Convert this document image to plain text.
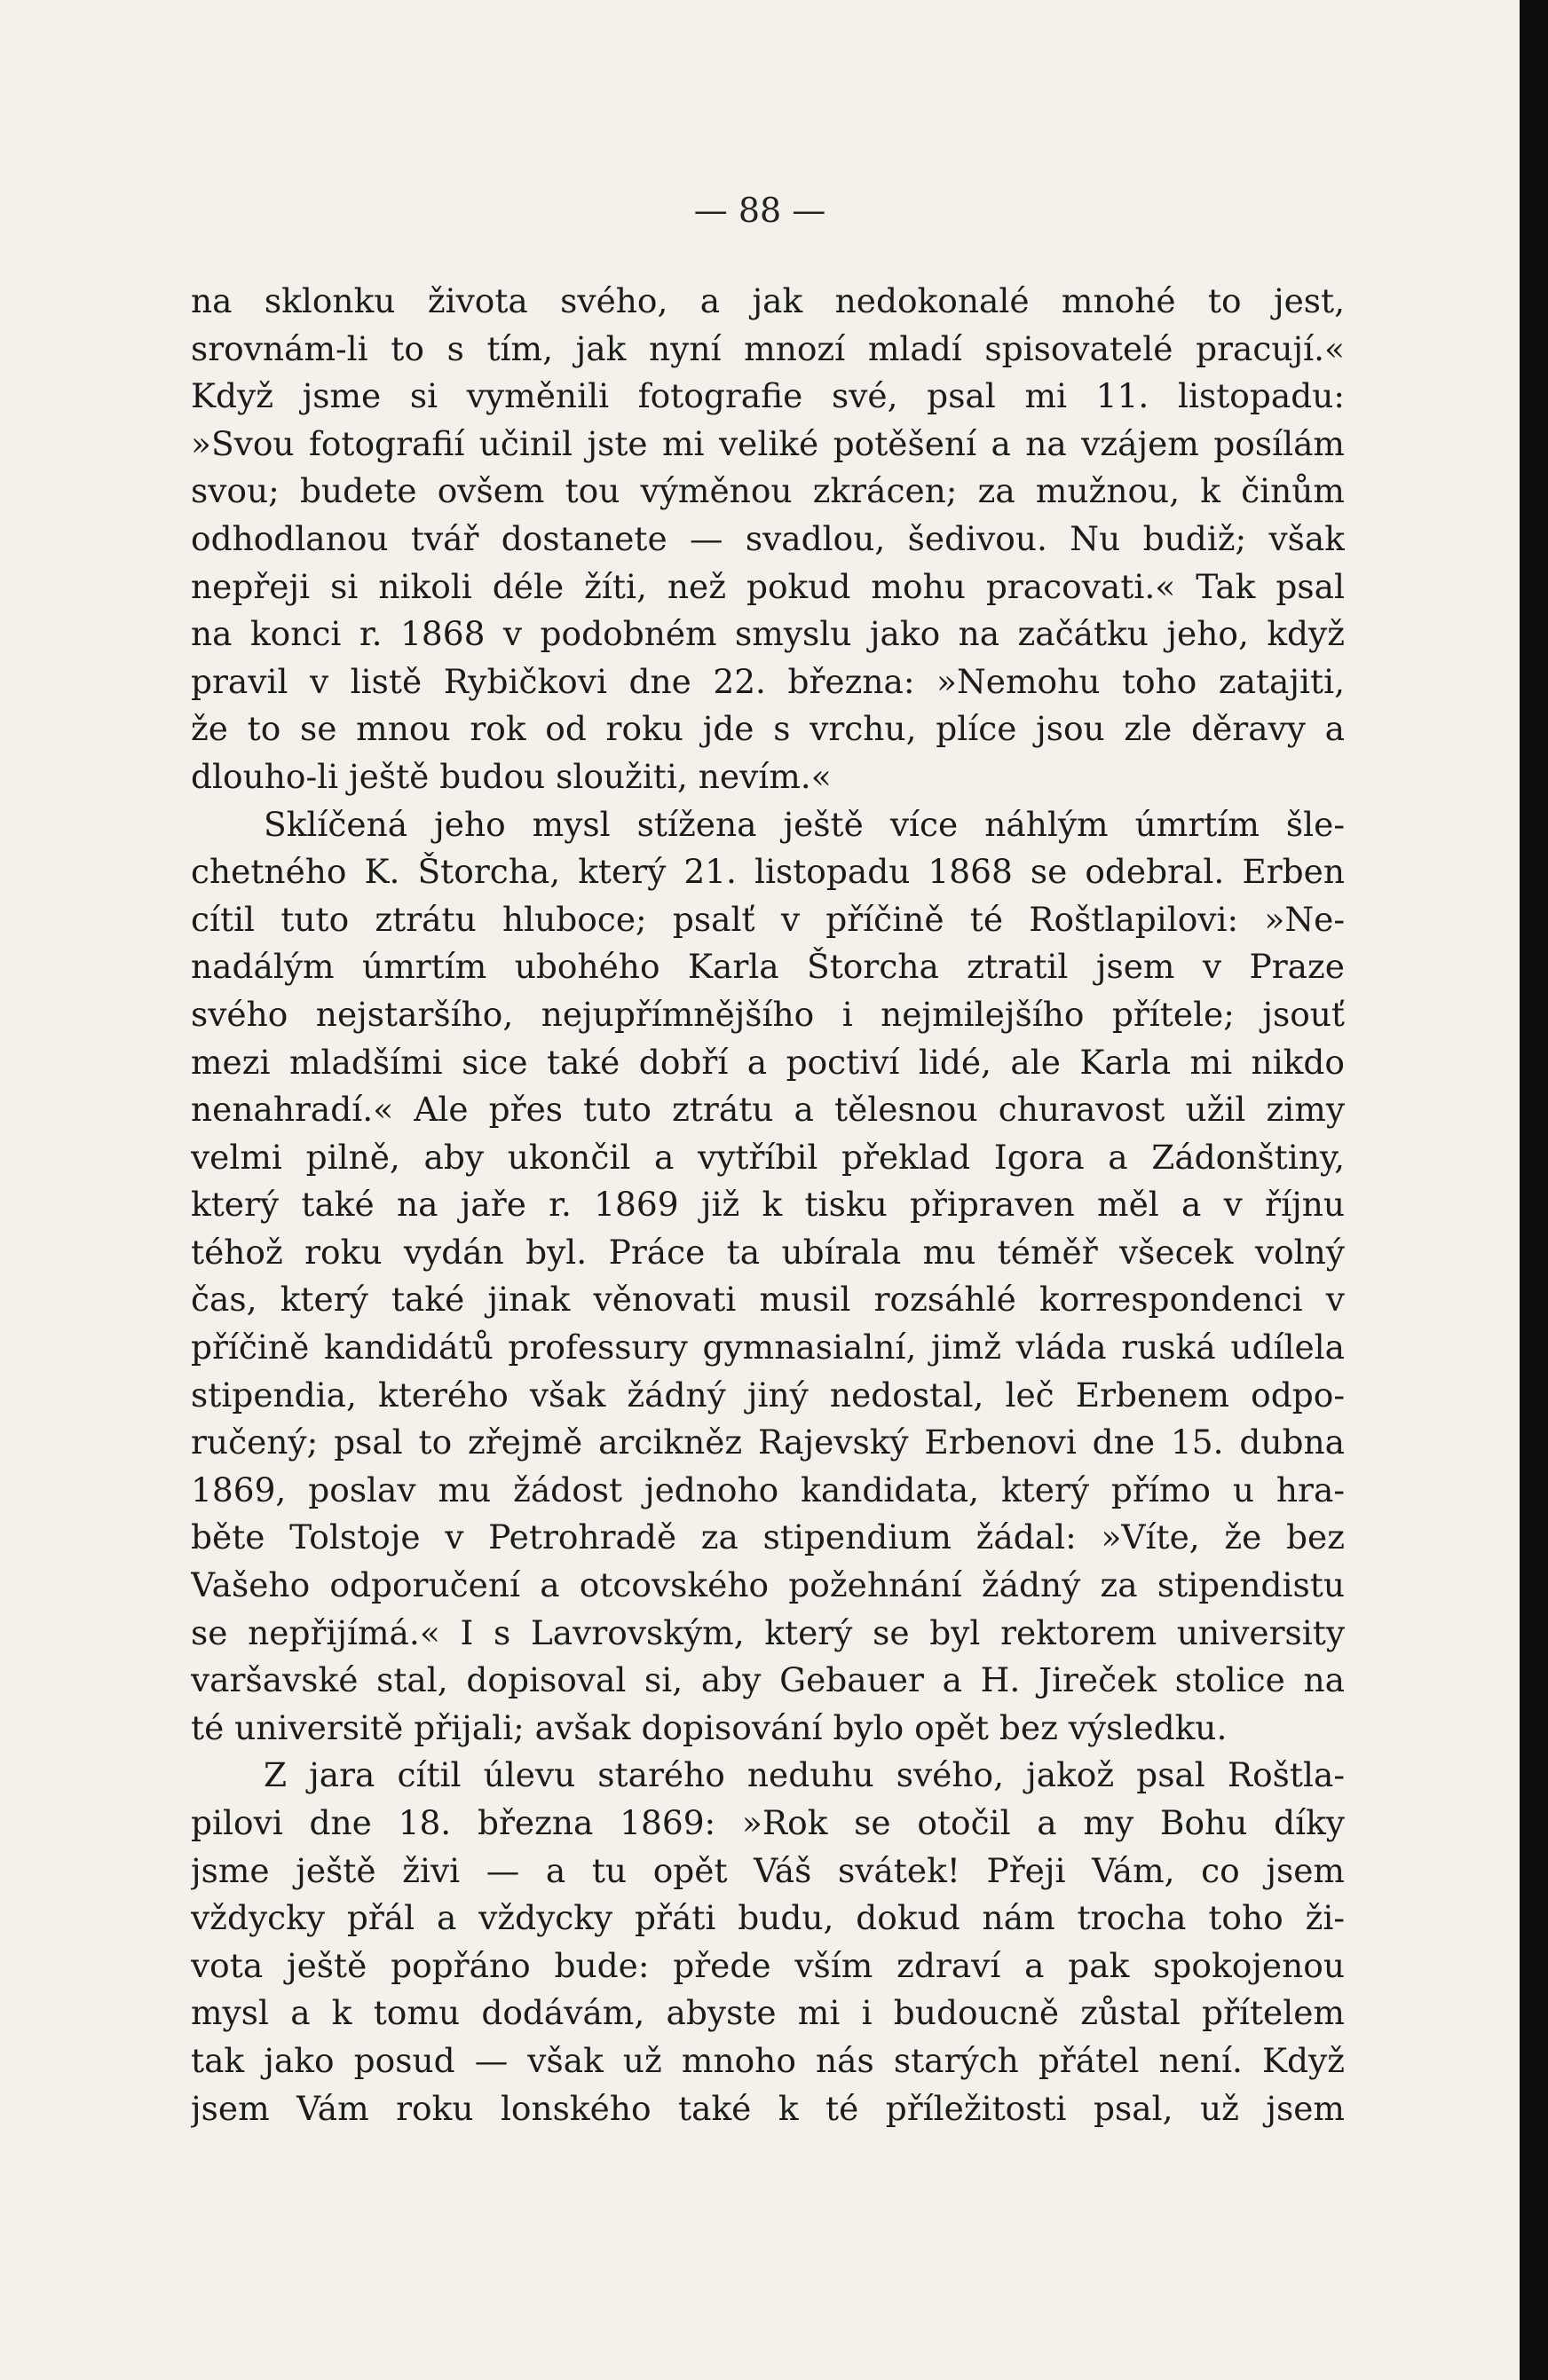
— 88 —
na sklonku života svého, a jak nedokonalé mnohé to jest,
srovnám-li to s tím, jak nyní mnozí mladí spisovatelé pracují.«
Když jsme si vyměnili fotografie své, psal mi 11. listopadu:
»Svou fotografií učinil jste mi veliké potěšení a na vzájem posílám
svou; budete ovšem tou výměnou zkrácen; za mužnou, k činům
odhodlanou tvář dostanete — svadlou, šedivou. Nu budiž; však
nepřeji si nikoli déle žíti, než pokud mohu pracovati.« Tak psal
na konci r. 1868 v podobném smyslu jako na začátku jeho, když
pravil v listě Rybičkovi dne 22. března: »Nemohu toho zatajiti,
že to se mnou rok od roku jde s vrchu, plíce jsou zle děravy a
dlouho-li ještě budou sloužiti, nevím.«
Sklíčená jeho mysl stížena ještě více náhlým úmrtím šle-
chetného K. Štorcha, který 21. listopadu 1868 se odebral. Erben
cítil tuto ztrátu hluboce; psalť v příčině té Roštlapilovi: »Ne-
nadálým úmrtím ubohého Karla Štorcha ztratil jsem v Praze
svého nejstaršího, nejupřímnějšího i nejmilejšího přítele; jsouť
mezi mladšími sice také dobří a poctiví lidé, ale Karla mi nikdo
nenahradí.« Ale přes tuto ztrátu a tělesnou churavost užil zimy
velmi pilně, aby ukončil a vytříbil překlad Igora a Zádonštiny,
který také na jaře r. 1869 již k tisku připraven měl a v říjnu
téhož roku vydán byl. Práce ta ubírala mu téměř všecek volný
čas, který také jinak věnovati musil rozsáhlé korrespondenci v
příčině kandidátů professury gymnasialní, jimž vláda ruská udílela
stipendia, kterého však žádný jiný nedostal, leč Erbenem odpo-
ručený; psal to zřejmě arcikněz Rajevský Erbenovi dne 15. dubna
1869, poslav mu žádost jednoho kandidata, který přímo u hra-
běte Tolstoje v Petrohradě za stipendium žádal: »Víte, že bez
Vašeho odporučení a otcovského požehnání žádný za stipendistu
se nepřijímá.« I s Lavrovským, který se byl rektorem university
varšavské stal, dopisoval si, aby Gebauer a H. Jireček stolice na
té universitě přijali; avšak dopisování bylo opět bez výsledku.
Z jara cítil úlevu starého neduhu svého, jakož psal Roštla-
pilovi dne 18. března 1869: »Rok se otočil a my Bohu díky
jsme ještě živi — a tu opět Váš svátek! Přeji Vám, co jsem
vždycky přál a vždycky přáti budu, dokud nám trocha toho ži-
vota ještě popřáno bude: přede vším zdraví a pak spokojenou
mysl a k tomu dodávám, abyste mi i budoucně zůstal přítelem
tak jako posud — však už mnoho nás starých přátel není. Když
jsem Vám roku lonského také k té příležitosti psal, už jsem
